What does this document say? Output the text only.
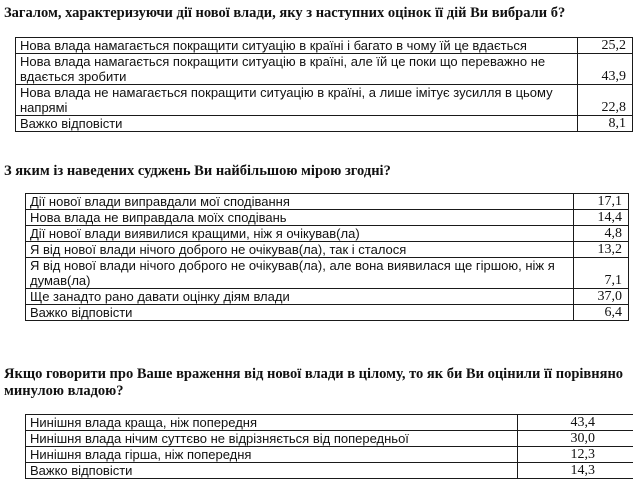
Загалом, характеризуючи дії нової влади, яку з наступних оцінок її дій Ви вибрали б?

Нова влада намагається покращити ситуацію в країні і багато в чому їй це вдається	25,2
Нова влада намагається покращити ситуацію в країні, але їй це поки що переважно не вдається зробити	43,9
Нова влада не намагається покращити ситуацію в країні, а лише імітує зусилля в цьому напрямі	22,8
Важко відповісти	8,1

З яким із наведених суджень Ви найбільшою мірою згодні?

Дії нової влади виправдали мої сподівання	17,1
Нова влада не виправдала моїх сподівань	14,4
Дії нової влади виявилися кращими, ніж я очікував(ла)	4,8
Я від нової влади нічого доброго не очікував(ла), так і сталося	13,2
Я від нової влади нічого доброго не очікував(ла), але вона виявилася ще гіршою, ніж я думав(ла)	7,1
Ще занадто рано давати оцінку діям влади	37,0
Важко відповісти	6,4

Якщо говорити про Ваше враження від нової влади в цілому, то як би Ви оцінили її порівняно минулою владою?

Нинішня влада краща, ніж попередня	43,4
Нинішня влада нічим суттєво не відрізняється від попередньої	30,0
Нинішня влада гірша, ніж попередня	12,3
Важко відповісти	14,3
